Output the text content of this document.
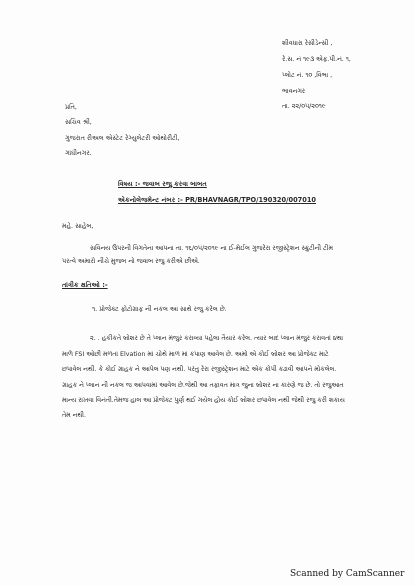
શીવધારા રેસીડેન્સી ,
રે.સ. નં ૧૯૩ એફ.પી.નં. ૧,
પ્લોટ નં. ૧૦ ,વિભા ,
ભાવનગર
તા. ૨૨/૦૫/૨૦૧૯
પ્રતિ,
સચિવ શ્રી,
ગુજરાત રીઅલ એસ્ટેટ રેગ્યુલેટરી ઓથોરીટી,
ગાંધીનગર.
વિષય :- જવાબ રજુ કરવા બાબત
એકનોલેજમેન્ટ નંબર :- PR/BHAVNAGR/TPO/190320/007010
મહે. સાહેબ,
સવિનય ઉપરની વિગતેના આપના તા. ૧૬/૦૫/૨૦૧૯ ના ઈ-મેઈલ ગુજરેરા રજીસ્ટ્રેશન સ્ક્રુટીની ટીમ
પરત્વે અમારો નીચે મુજબ નો જવાબ રજુ કરીએ છીએ.
તાંત્રીક ક્ષતિઓ :-
૧. પ્રોજેક્ટ ફોટોગ્રાફ ની નકલ આ સાથે રજુ કરેલ છે.
૨. . હકીકતે બ્રોશર છે તે પ્લાન મંજુર કરાવ્યા પહેલા તૈયાર કરેલ. ત્યાર બાદ પ્લાન મંજુર કરાવતાં ૪થા
માળે FSI ઓછી મળતાં Elvation માં ચોથે માળ માં કપાણ આવેલ છે. અમો એ કોઈ બ્રોશર આ પ્રોજેક્ટ માટે
છપાવેલ નથી. કે કોઈ ગ્રાહક ને આપેલ પણ નથી. પરંતુ રેરા રજીસ્ટ્રેશન માટે એક કોપી કઢાવી આપને મોકલેલ.
ગ્રાહક ને પ્લાન ની નકલ જ આપવામાં આવેલ છે.જેથી આ તફાવત માત્ર જુના બ્રોશર ના કારણે જ છે. તો રજુઆત
માન્ય રાખવા વિનંતી.તેમજ હાલ આ પ્રોજેક્ટ પુર્ણ થઈ ગયેલ હોય કોઈ બ્રોશર છપાવેલ નથી જેથી રજુ કરી શકાય
તેમ નથી.
Scanned by CamScanner
